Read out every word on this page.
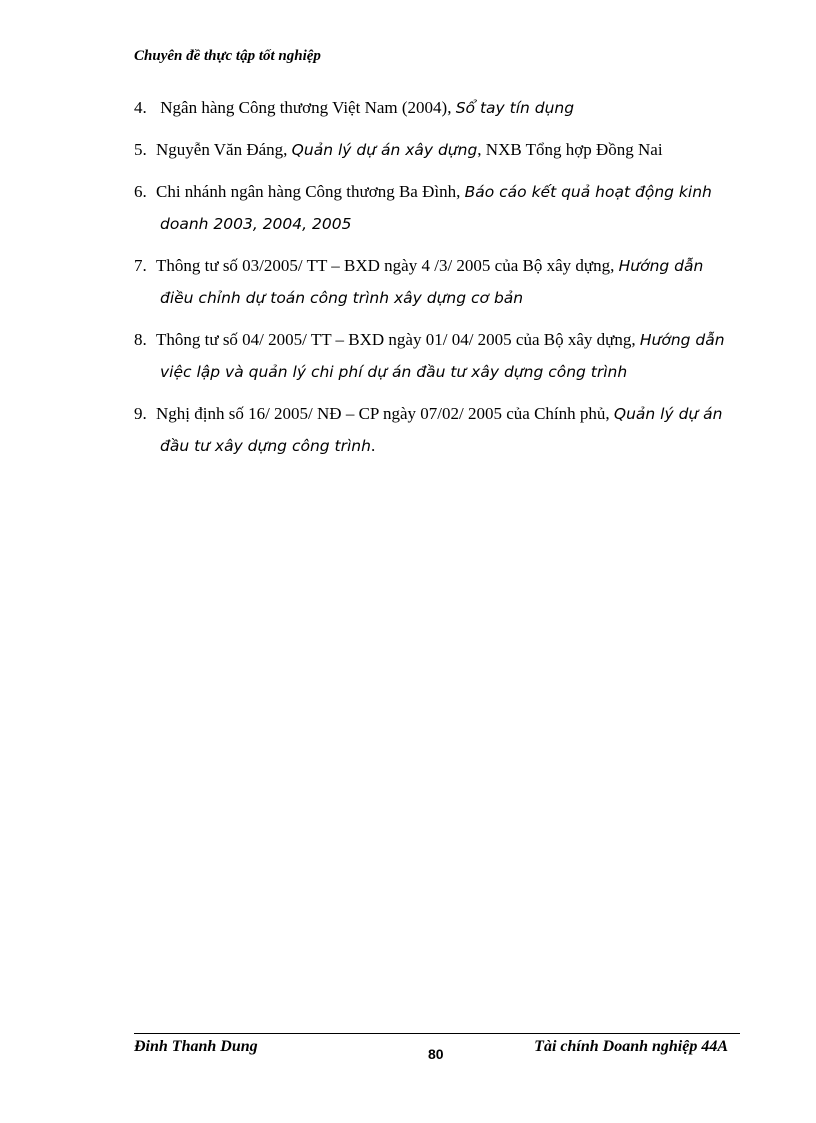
Chuyên đề thực tập tốt nghiệp
4. Ngân hàng Công thương Việt Nam (2004), Sổ tay tín dụng
5. Nguyễn Văn Đáng, Quản lý dự án xây dựng, NXB Tổng hợp Đồng Nai
6. Chi nhánh ngân hàng Công thương Ba Đình, Báo cáo kết quả hoạt động kinh doanh 2003, 2004, 2005
7. Thông tư số 03/2005/ TT – BXD ngày 4 /3/ 2005 của Bộ xây dựng, Hướng dẫn điều chỉnh dự toán công trình xây dựng cơ bản
8. Thông tư số 04/ 2005/ TT – BXD ngày 01/ 04/ 2005 của Bộ xây dựng, Hướng dẫn việc lập và quản lý chi phí dự án đầu tư xây dựng công trình
9. Nghị định số 16/ 2005/ NĐ – CP ngày 07/02/ 2005 của Chính phủ, Quản lý dự án đầu tư xây dựng công trình.
Đinh Thanh Dung	80	Tài chính Doanh nghiệp 44A
